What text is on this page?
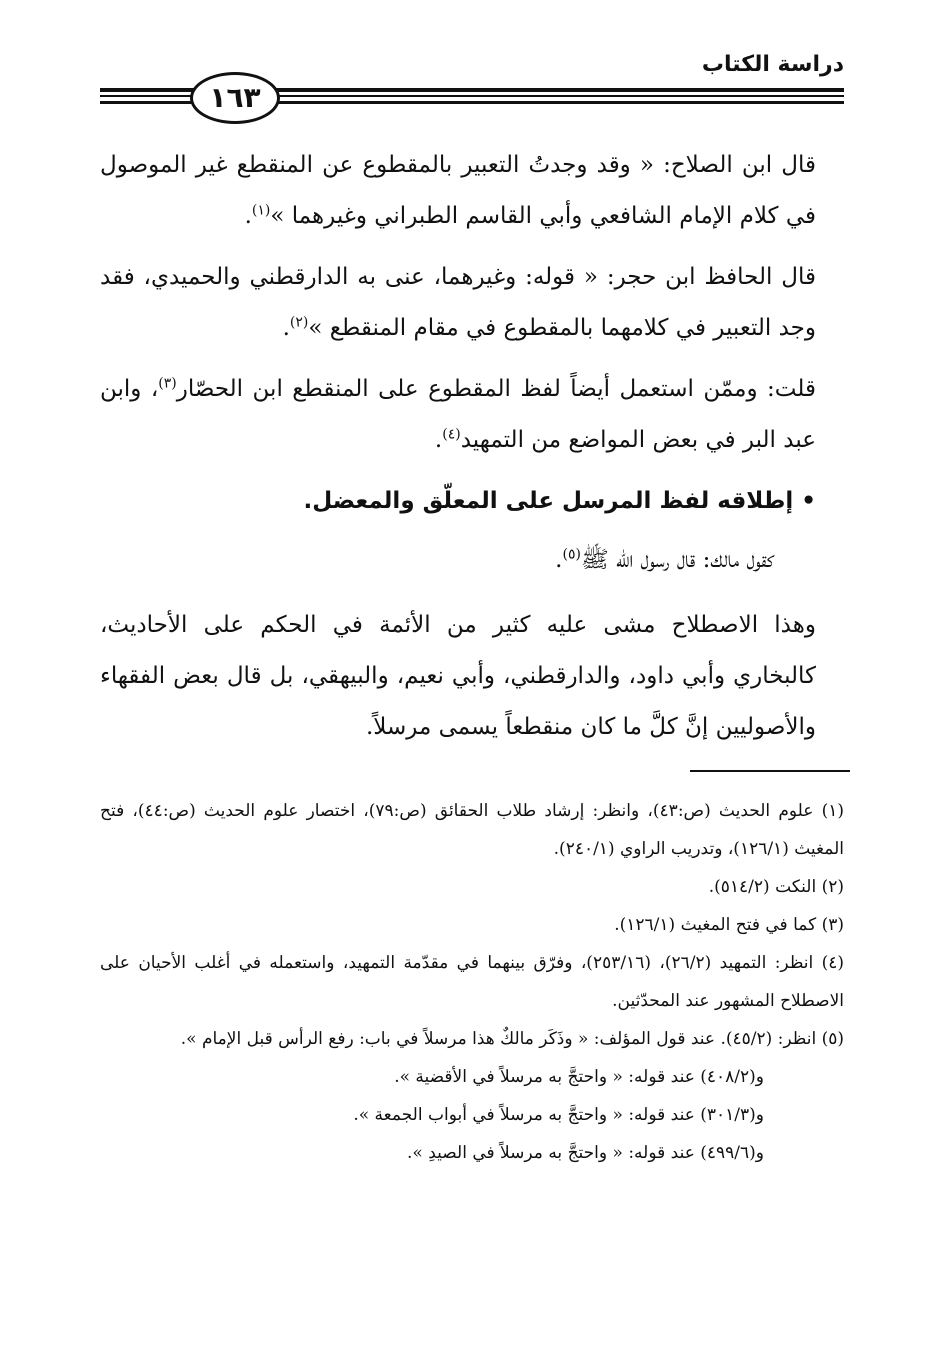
دراسة الكتاب
١٦٣

قال ابن الصلاح: « وقد وجدتُ التعبير بالمقطوع عن المنقطع غير الموصول في كلام الإمام الشافعي وأبي القاسم الطبراني وغيرهما »$^{(١)}$.

قال الحافظ ابن حجر: « قوله: وغيرهما، عنى به الدارقطني والحميدي، فقد وجد التعبير في كلامهما بالمقطوع في مقام المنقطع »$^{(٢)}$.

قلت: وممّن استعمل أيضاً لفظ المقطوع على المنقطع ابن الحصّار$^{(٣)}$، وابن عبد البر في بعض المواضع من التمهيد$^{(٤)}$.

•إطلاقه لفظ المرسل على المعلّق والمعضل.

كقول مالك: قال رسول الله ﷺ$^{(٥)}$.

وهذا الاصطلاح مشى عليه كثير من الأئمة في الحكم على الأحاديث، كالبخاري وأبي داود، والدارقطني، وأبي نعيم، والبيهقي، بل قال بعض الفقهاء والأصوليين إنَّ كلَّ ما كان منقطعاً يسمى مرسلاً.

(١) علوم الحديث (ص:٤٣)، وانظر: إرشاد طلاب الحقائق (ص:٧٩)، اختصار علوم الحديث (ص:٤٤)، فتح المغيث (١٢٦/١)، وتدريب الراوي (٢٤٠/١).

(٢) النكت (٥١٤/٢).

(٣) كما في فتح المغيث (١٢٦/١).

(٤) انظر: التمهيد (٢٦/٢)، (٢٥٣/١٦)، وفرّق بينهما في مقدّمة التمهيد، واستعمله في أغلب الأحيان على الاصطلاح المشهور عند المحدّثين.

(٥) انظر: (٤٥/٢). عند قول المؤلف: « وذَكَر مالكٌ هذا مرسلاً في باب: رفع الرأس قبل الإمام ».

و(٤٠٨/٢) عند قوله: « واحتجَّ به مرسلاً في الأقضية ».

و(٣٠١/٣) عند قوله: « واحتجَّ به مرسلاً في أبواب الجمعة ».

و(٤٩٩/٦) عند قوله: « واحتجَّ به مرسلاً في الصيدِ ».
